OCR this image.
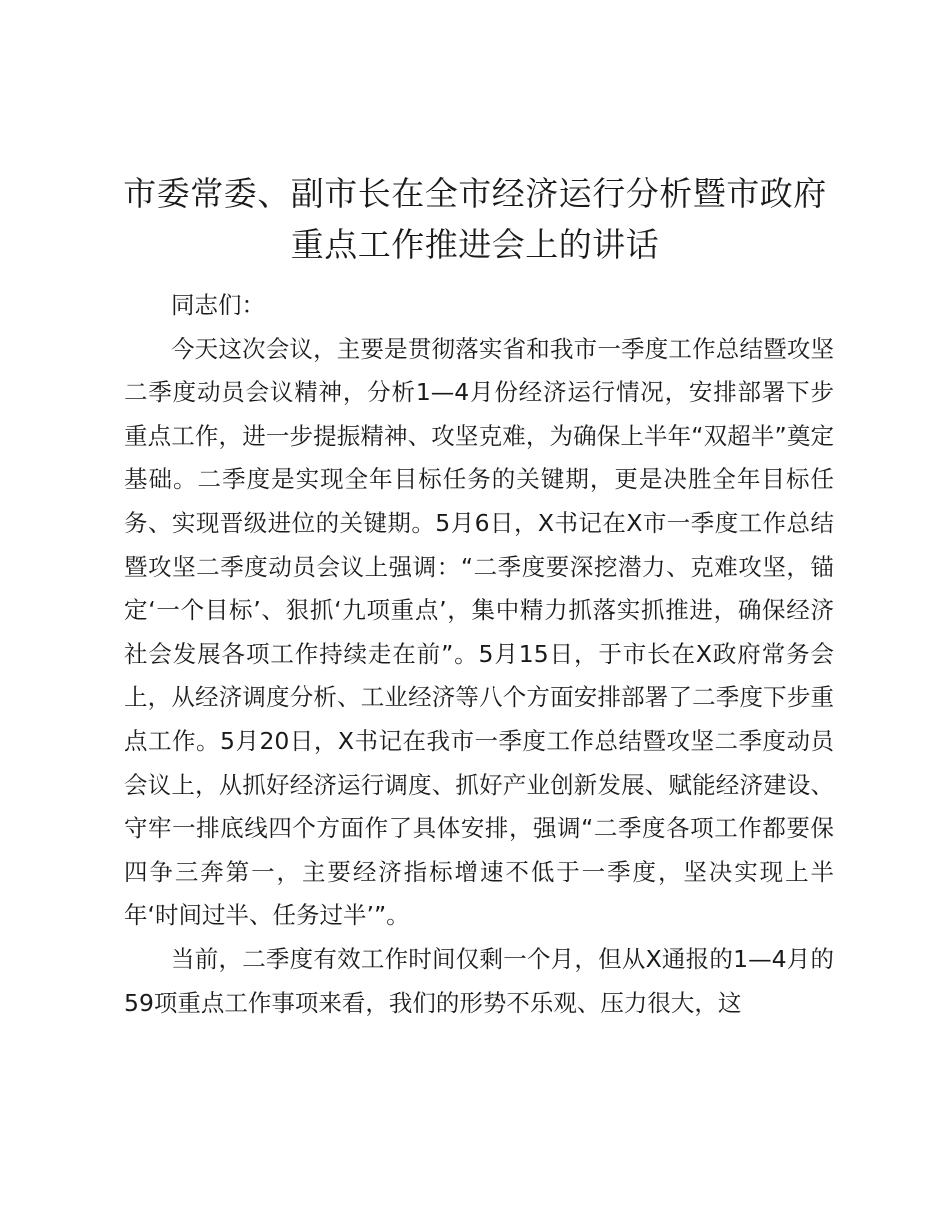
市委常委、副市长在全市经济运行分析暨市政府重点工作推进会上的讲话

同志们：

今天这次会议，主要是贯彻落实省和我市一季度工作总结暨攻坚二季度动员会议精神，分析1—4月份经济运行情况，安排部署下步重点工作，进一步提振精神、攻坚克难，为确保上半年“双超半”奠定基础。二季度是实现全年目标任务的关键期，更是决胜全年目标任务、实现晋级进位的关键期。5月6日，X书记在X市一季度工作总结暨攻坚二季度动员会议上强调：“二季度要深挖潜力、克难攻坚，锚定‘一个目标’、狠抓‘九项重点’，集中精力抓落实抓推进，确保经济社会发展各项工作持续走在前”。5月15日，于市长在X政府常务会上，从经济调度分析、工业经济等八个方面安排部署了二季度下步重点工作。5月20日，X书记在我市一季度工作总结暨攻坚二季度动员会议上，从抓好经济运行调度、抓好产业创新发展、赋能经济建设、守牢一排底线四个方面作了具体安排，强调“二季度各项工作都要保四争三奔第一，主要经济指标增速不低于一季度，坚决实现上半年‘时间过半、任务过半’”。

当前，二季度有效工作时间仅剩一个月，但从X通报的1—4月的59项重点工作事项来看，我们的形势不乐观、压力很大，这
